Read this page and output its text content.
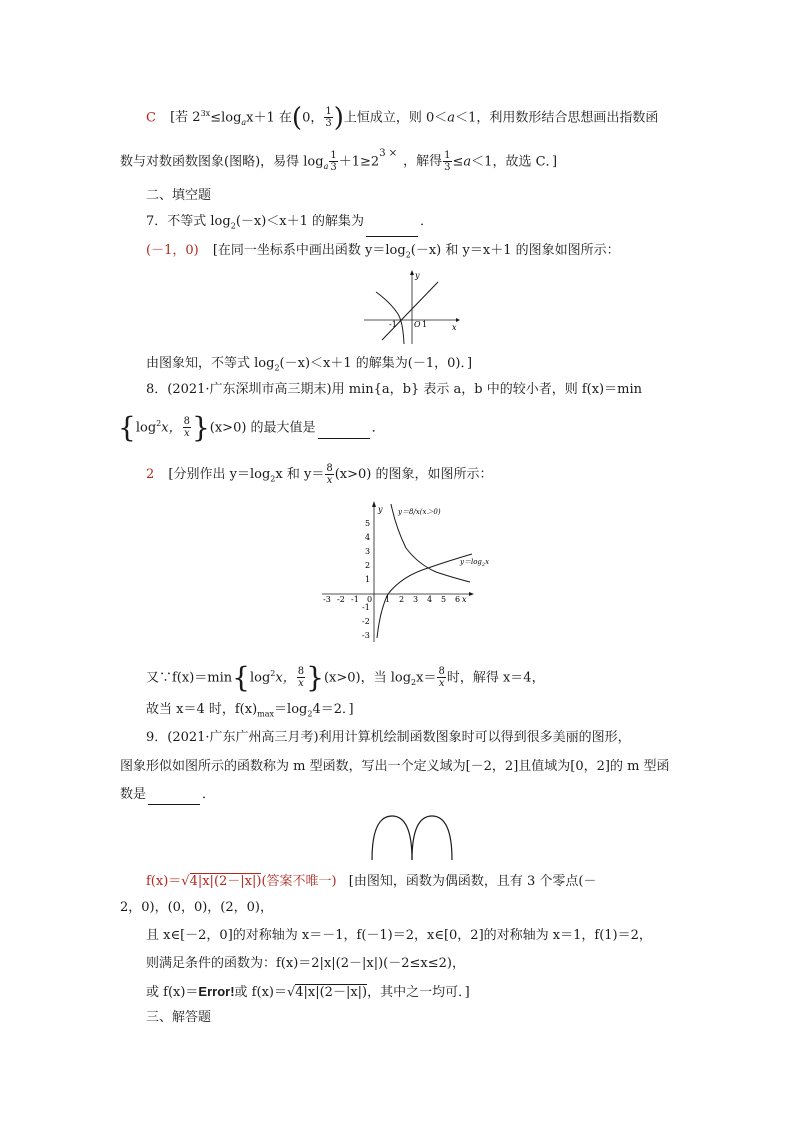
C [若 $2^{3x}\le\log_ax+1$ 在(0， $\frac{1}{3}$ )上恒成立，则 0＜a＜1，利用数形结合思想画出指数函
数与对数函数图象(图略)，易得 $\log_a \frac{1}{3} +1\ge 2^{3 \times}$，解得 $\frac{1}{3} \le a<1$，故选 C．]
二、填空题
7．不等式 $\log_2(-x)<x+1$ 的解集为	．
(－1，0) [在同一坐标系中画出函数 $y=\log_2(-x)$ 和 y＝x＋1 的图象如图所示：
y
x
-1 O 1
由图象知，不等式 $\log_2(-x)<x+1$ 的解集为(－1，0)．]
8．(2021·广东深圳市高三期末)用 min{a，b} 表示 a，b 中的较小者，则 f(x)＝min
{$\log^2x$， $\frac{8}{x} \}(x>0)$ 的最大值是	．
2 [分别作出 $y=\log_2x$ 和 $y= \frac{8}{x} (x>0)$ 的图象，如图所示：
y
x
5
4
3
2
1
-1
-2
-3
-3 -2 -1 0 1 2 3 4 5 6
y＝8/x(x＞0)
$y=\log_2x$
又$\because f(x)=\min\{\log^2x$， $\frac{8}{x} \}(x>0)$，当 $\log_2x= \frac{8}{x}$ 时，解得 x＝4，
故当 x＝4 时，$f(x)_{max}=\log_24=2$．]
9．(2021·广东广州高三月考)利用计算机绘制函数图象时可以得到很多美丽的图形，
图象形似如图所示的函数称为 m 型函数，写出一个定义域为[－2，2]且值域为[0，2]的 m 型函
数是	．
f(x)＝√4|x|(2－|x|)(答案不唯一) [由图知，函数为偶函数，且有 3 个零点(－
2，0)，(0，0)，(2，0)，
且 x∈[－2，0]的对称轴为 x＝－1，f(－1)＝2，x∈[0，2]的对称轴为 x＝1，f(1)＝2，
则满足条件的函数为：f(x)＝2|x|(2－|x|)(－2≤x≤2)，
或 f(x)＝Error!或 f(x)＝√4|x|(2－|x|)，其中之一均可．]
三、解答题
